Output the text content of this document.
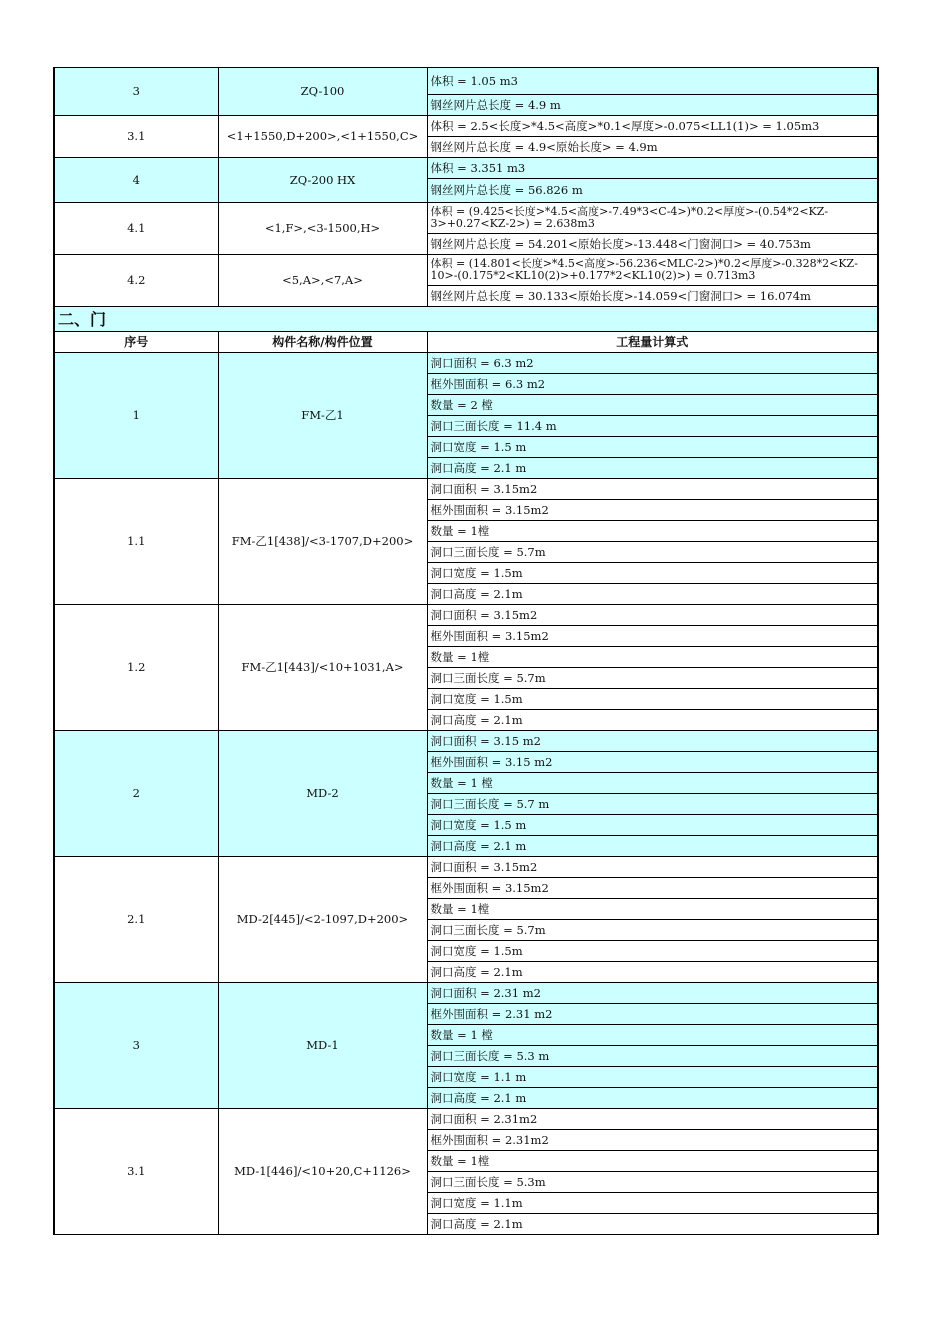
3	ZQ-100	体积 = 1.05 m3
		钢丝网片总长度 = 4.9 m
3.1	<1+1550,D+200>,<1+1550,C>	体积 = 2.5<长度>*4.5<高度>*0.1<厚度>-0.075<LL1(1)> = 1.05m3
		钢丝网片总长度 = 4.9<原始长度> = 4.9m
4	ZQ-200 HX	体积 = 3.351 m3
		钢丝网片总长度 = 56.826 m
4.1	<1,F>,<3-1500,H>	体积 = (9.425<长度>*4.5<高度>-7.49*3<C-4>)*0.2<厚度>-(0.54*2<KZ-3>+0.27<KZ-2>) = 2.638m3
		钢丝网片总长度 = 54.201<原始长度>-13.448<门窗洞口> = 40.753m
4.2	<5,A>,<7,A>	体积 = (14.801<长度>*4.5<高度>-56.236<MLC-2>)*0.2<厚度>-0.328*2<KZ-10>-(0.175*2<KL10(2)>+0.177*2<KL10(2)>) = 0.713m3
		钢丝网片总长度 = 30.133<原始长度>-14.059<门窗洞口> = 16.074m
二、门		
序号	构件名称/构件位置	工程量计算式
1	FM-乙1	洞口面积 = 6.3 m2
		框外围面积 = 6.3 m2
		数量 = 2 樘
		洞口三面长度 = 11.4 m
		洞口宽度 = 1.5 m
		洞口高度 = 2.1 m
1.1	FM-乙1[438]/<3-1707,D+200>	洞口面积 = 3.15m2
		框外围面积 = 3.15m2
		数量 = 1樘
		洞口三面长度 = 5.7m
		洞口宽度 = 1.5m
		洞口高度 = 2.1m
1.2	FM-乙1[443]/<10+1031,A>	洞口面积 = 3.15m2
		框外围面积 = 3.15m2
		数量 = 1樘
		洞口三面长度 = 5.7m
		洞口宽度 = 1.5m
		洞口高度 = 2.1m
2	MD-2	洞口面积 = 3.15 m2
		框外围面积 = 3.15 m2
		数量 = 1 樘
		洞口三面长度 = 5.7 m
		洞口宽度 = 1.5 m
		洞口高度 = 2.1 m
2.1	MD-2[445]/<2-1097,D+200>	洞口面积 = 3.15m2
		框外围面积 = 3.15m2
		数量 = 1樘
		洞口三面长度 = 5.7m
		洞口宽度 = 1.5m
		洞口高度 = 2.1m
3	MD-1	洞口面积 = 2.31 m2
		框外围面积 = 2.31 m2
		数量 = 1 樘
		洞口三面长度 = 5.3 m
		洞口宽度 = 1.1 m
		洞口高度 = 2.1 m
3.1	MD-1[446]/<10+20,C+1126>	洞口面积 = 2.31m2
		框外围面积 = 2.31m2
		数量 = 1樘
		洞口三面长度 = 5.3m
		洞口宽度 = 1.1m
		洞口高度 = 2.1m
